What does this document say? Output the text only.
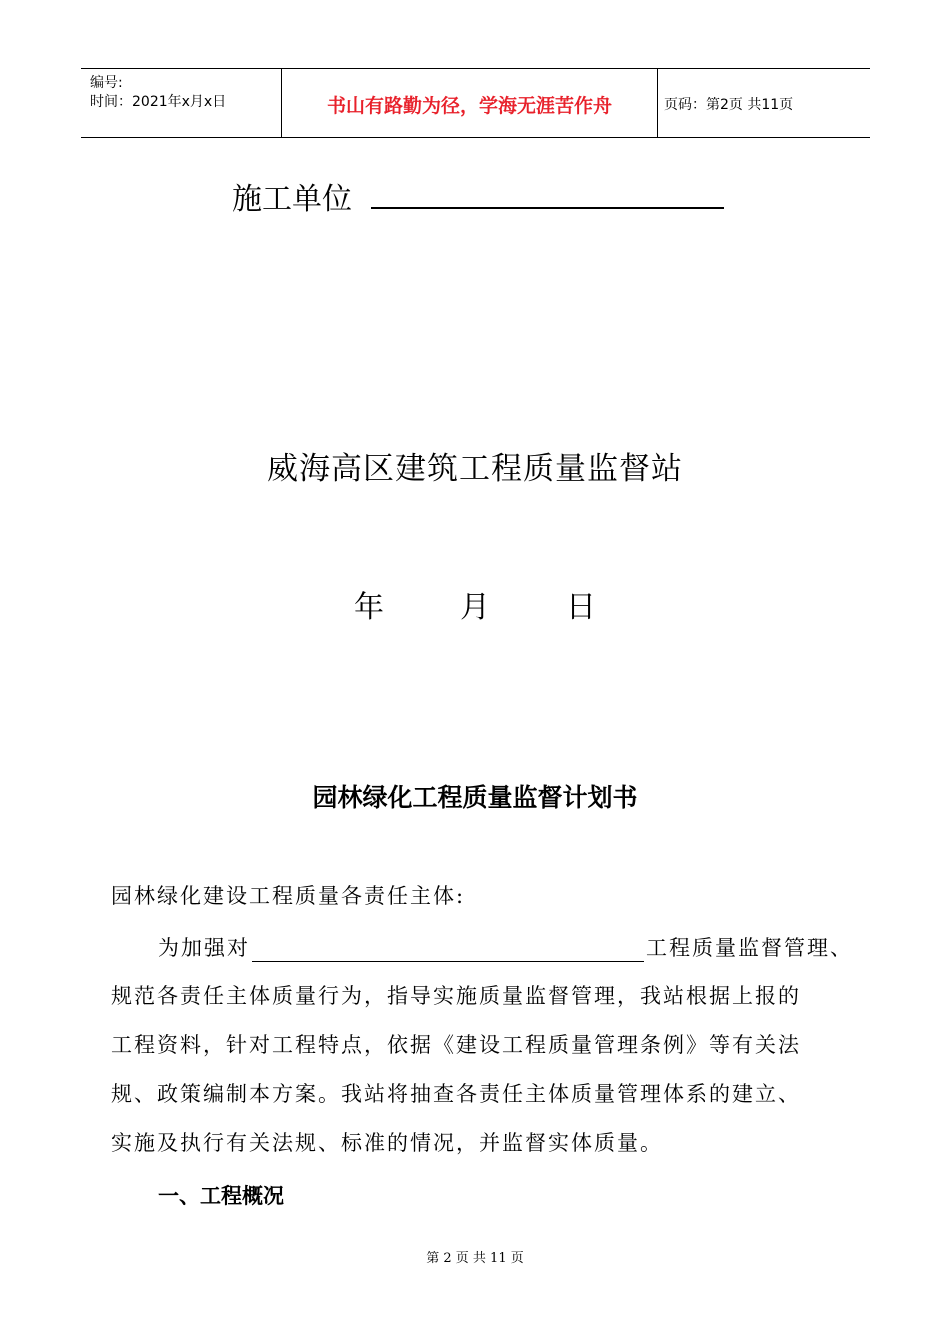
编号:
时间：2021年x月x日	书山有路勤为径，学海无涯苦作舟	页码：第2页 共11页
施工单位
威海高区建筑工程质量监督站
年	月	日
园林绿化工程质量监督计划书
园林绿化建设工程质量各责任主体:
为加强对	工程质量监督管理、
规范各责任主体质量行为，指导实施质量监督管理，我站根据上报的
工程资料，针对工程特点，依据《建设工程质量管理条例》等有关法
规、政策编制本方案。我站将抽查各责任主体质量管理体系的建立、
实施及执行有关法规、标准的情况，并监督实体质量。
一、工程概况
第 2 页 共 11 页
